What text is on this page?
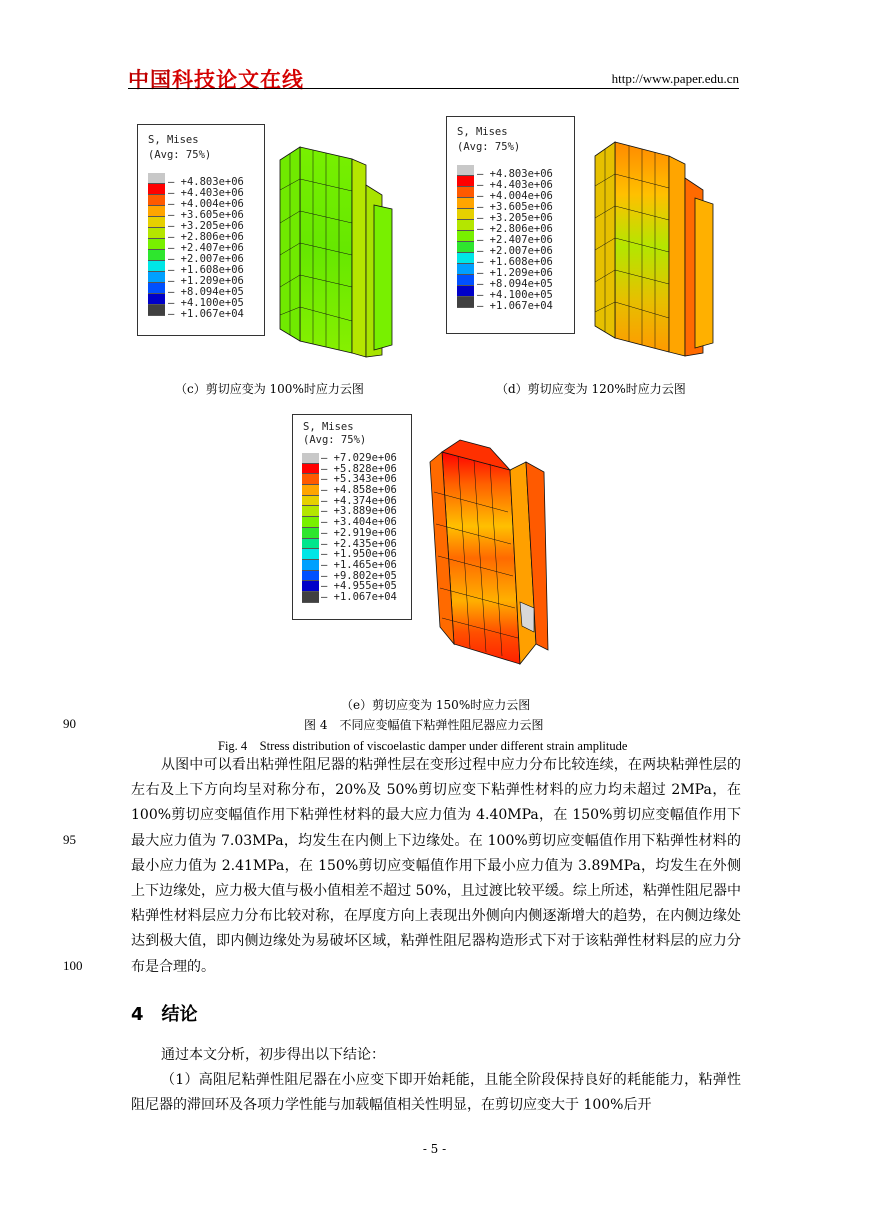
中国科技论文在线	http://www.paper.edu.cn
S, Mises
(Avg: 75%)
– +4.803e+06
– +4.403e+06
– +4.004e+06
– +3.605e+06
– +3.205e+06
– +2.806e+06
– +2.407e+06
– +2.007e+06
– +1.608e+06
– +1.209e+06
– +8.094e+05
– +4.100e+05
– +1.067e+04
S, Mises
(Avg: 75%)
– +4.803e+06
– +4.403e+06
– +4.004e+06
– +3.605e+06
– +3.205e+06
– +2.806e+06
– +2.407e+06
– +2.007e+06
– +1.608e+06
– +1.209e+06
– +8.094e+05
– +4.100e+05
– +1.067e+04
（c）剪切应变为 100%时应力云图	（d）剪切应变为 120%时应力云图
S, Mises
(Avg: 75%)
– +7.029e+06
– +5.828e+06
– +5.343e+06
– +4.858e+06
– +4.374e+06
– +3.889e+06
– +3.404e+06
– +2.919e+06
– +2.435e+06
– +1.950e+06
– +1.465e+06
– +9.802e+05
– +4.955e+05
– +1.067e+04
（e）剪切应变为 150%时应力云图
90	图 4　不同应变幅值下粘弹性阻尼器应力云图
Fig. 4　Stress distribution of viscoelastic damper under different strain amplitude

从图中可以看出粘弹性阻尼器的粘弹性层在变形过程中应力分布比较连续，在两块粘弹性层的左右及上下方向均呈对称分布，20%及 50%剪切应变下粘弹性材料的应力均未超过 2MPa，在 100%剪切应变幅值作用下粘弹性材料的最大应力值为 4.40MPa，在 150%剪切应变幅值作用下最大应力值为 7.03MPa，均发生在内侧上下边缘处。在 100%剪切应变幅值作用下粘弹性材料的最小应力值为 2.41MPa，在 150%剪切应变幅值作用下最小应力值为 3.89MPa，均发生在外侧上下边缘处，应力极大值与极小值相差不超过 50%，且过渡比较平缓。综上所述，粘弹性阻尼器中粘弹性材料层应力分布比较对称，在厚度方向上表现出外侧向内侧逐渐增大的趋势，在内侧边缘处达到极大值，即内侧边缘处为易破坏区域，粘弹性阻尼器构造形式下对于该粘弹性材料层的应力分布是合理的。

95
100
4　结论

通过本文分析，初步得出以下结论：

（1）高阻尼粘弹性阻尼器在小应变下即开始耗能，且能全阶段保持良好的耗能能力，粘弹性阻尼器的滞回环及各项力学性能与加载幅值相关性明显，在剪切应变大于 100%后开

- 5 -
